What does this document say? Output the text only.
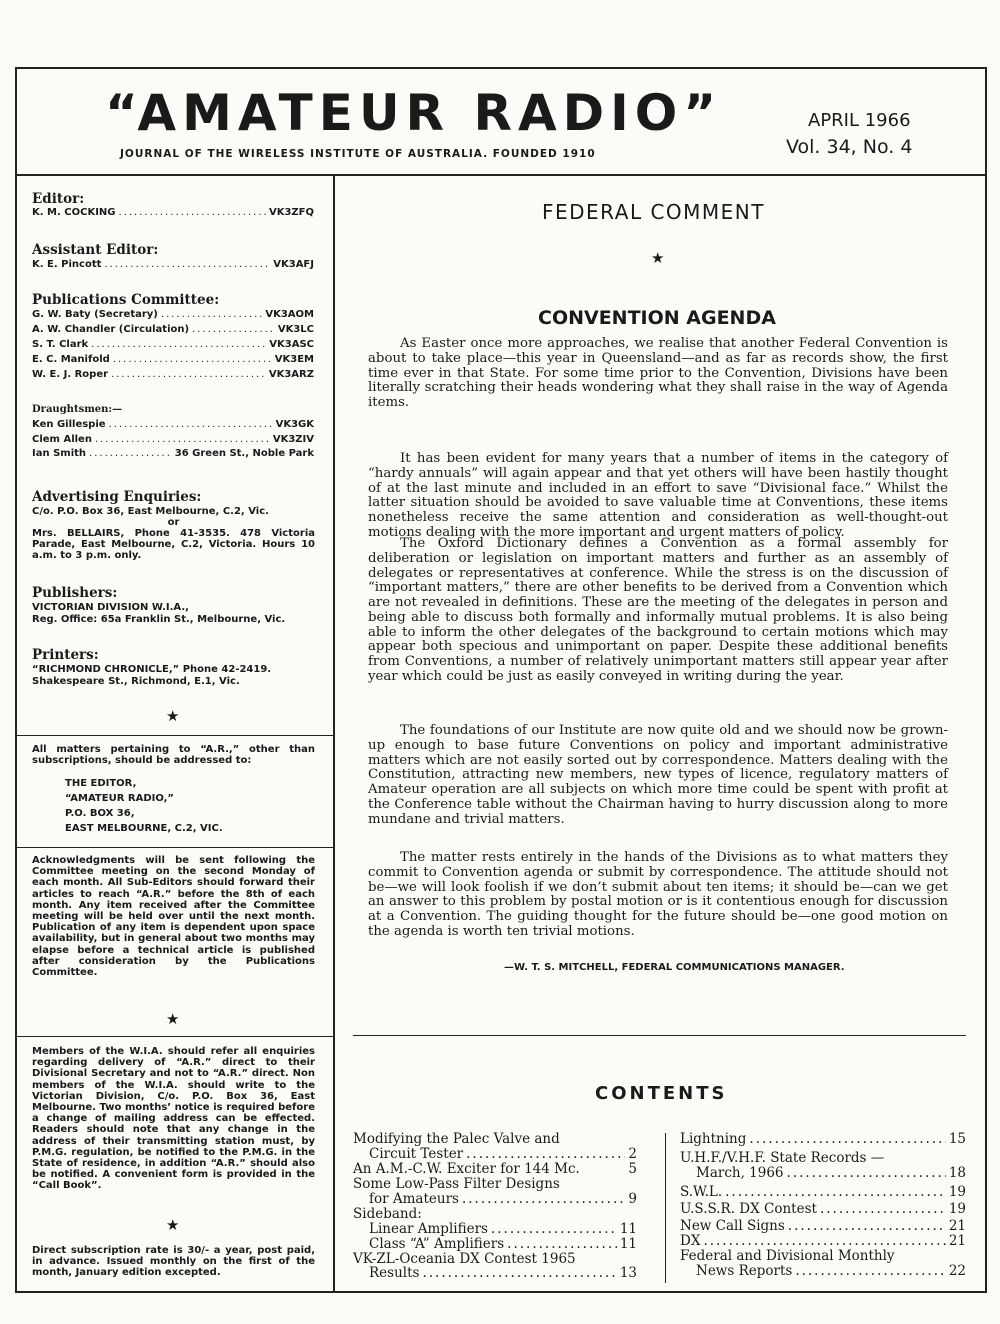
“AMATEUR RADIO”
JOURNAL OF THE WIRELESS INSTITUTE OF AUSTRALIA. FOUNDED 1910
APRIL 1966
Vol. 34, No. 4
Editor:
K. M. COCKING .....	VK3ZFQ
Assistant Editor:
K. E. Pincott .....	VK3AFJ
Publications Committee:
G. W. Baty (Secretary) .....	VK3AOM
A. W. Chandler (Circulation) .....	VK3LC
S. T. Clark .....	VK3ASC
E. C. Manifold .....	VK3EM
W. E. J. Roper .....	VK3ARZ
Draughtsmen:—
Ken Gillespie .....	VK3GK
Clem Allen .....	VK3ZIV
Ian Smith .....	36 Green St., Noble Park
Advertising Enquiries:
C/o. P.O. Box 36, East Melbourne, C.2, Vic.
or
Mrs. BELLAIRS, Phone 41-3535. 478 Victoria Parade, East Melbourne, C.2, Victoria. Hours 10 a.m. to 3 p.m. only.
Publishers:
VICTORIAN DIVISION W.I.A.,
Reg. Office: 65a Franklin St., Melbourne, Vic.
Printers:
“RICHMOND CHRONICLE,” Phone 42-2419.
Shakespeare St., Richmond, E.1, Vic.
★
All matters pertaining to “A.R.,” other than subscriptions, should be addressed to:
THE EDITOR,
“AMATEUR RADIO,”
P.O. BOX 36,
EAST MELBOURNE, C.2, VIC.
Acknowledgments will be sent following the Committee meeting on the second Monday of each month. All Sub-Editors should forward their articles to reach “A.R.” before the 8th of each month. Any item received after the Committee meeting will be held over until the next month. Publication of any item is dependent upon space availability, but in general about two months may elapse before a technical article is published after consideration by the Publications Committee.
★
Members of the W.I.A. should refer all enquiries regarding delivery of “A.R.” direct to their Divisional Secretary and not to “A.R.” direct. Non members of the W.I.A. should write to the Victorian Division, C/o. P.O. Box 36, East Melbourne. Two months’ notice is required before a change of mailing address can be effected. Readers should note that any change in the address of their transmitting station must, by P.M.G. regulation, be notified to the P.M.G. in the State of residence, in addition “A.R.” should also be notified. A convenient form is provided in the “Call Book”.
★
Direct subscription rate is 30/- a year, post paid, in advance. Issued monthly on the first of the month, January edition excepted.
FEDERAL COMMENT
★
CONVENTION AGENDA
As Easter once more approaches, we realise that another Federal Convention is about to take place—this year in Queensland—and as far as records show, the first time ever in that State. For some time prior to the Convention, Divisions have been literally scratching their heads wondering what they shall raise in the way of Agenda items.
It has been evident for many years that a number of items in the category of “hardy annuals” will again appear and that yet others will have been hastily thought of at the last minute and included in an effort to save “Divisional face.” Whilst the latter situation should be avoided to save valuable time at Conventions, these items nonetheless receive the same attention and consideration as well-thought-out motions dealing with the more important and urgent matters of policy.
The Oxford Dictionary defines a Convention as a formal assembly for deliberation or legislation on important matters and further as an assembly of delegates or representatives at conference. While the stress is on the discussion of “important matters,” there are other benefits to be derived from a Convention which are not revealed in definitions. These are the meeting of the delegates in person and being able to discuss both formally and informally mutual problems. It is also being able to inform the other delegates of the background to certain motions which may appear both specious and unimportant on paper. Despite these additional benefits from Conventions, a number of relatively unimportant matters still appear year after year which could be just as easily conveyed in writing during the year.
The foundations of our Institute are now quite old and we should now be grown-up enough to base future Conventions on policy and important administrative matters which are not easily sorted out by correspondence. Matters dealing with the Constitution, attracting new members, new types of licence, regulatory matters of Amateur operation are all subjects on which more time could be spent with profit at the Conference table without the Chairman having to hurry discussion along to more mundane and trivial matters.
The matter rests entirely in the hands of the Divisions as to what matters they commit to Convention agenda or submit by correspondence. The attitude should not be—we will look foolish if we don’t submit about ten items; it should be—can we get an answer to this problem by postal motion or is it contentious enough for discussion at a Convention. The guiding thought for the future should be—one good motion on the agenda is worth ten trivial motions.
—W. T. S. MITCHELL, FEDERAL COMMUNICATIONS MANAGER.
CONTENTS
Modifying the Palec Valve and
Circuit Tester .....	2
An A.M.-C.W. Exciter for 144 Mc.	5
Some Low-Pass Filter Designs
for Amateurs .....	9
Sideband:
Linear Amplifiers .....	11
Class “A” Amplifiers .....	11
VK-ZL-Oceania DX Contest 1965
Results .....	13
Lightning .....	15
U.H.F./V.H.F. State Records —
March, 1966 .....	18
S.W.L. .....	19
U.S.S.R. DX Contest .....	19
New Call Signs .....	21
DX .....	21
Federal and Divisional Monthly
News Reports .....	22
